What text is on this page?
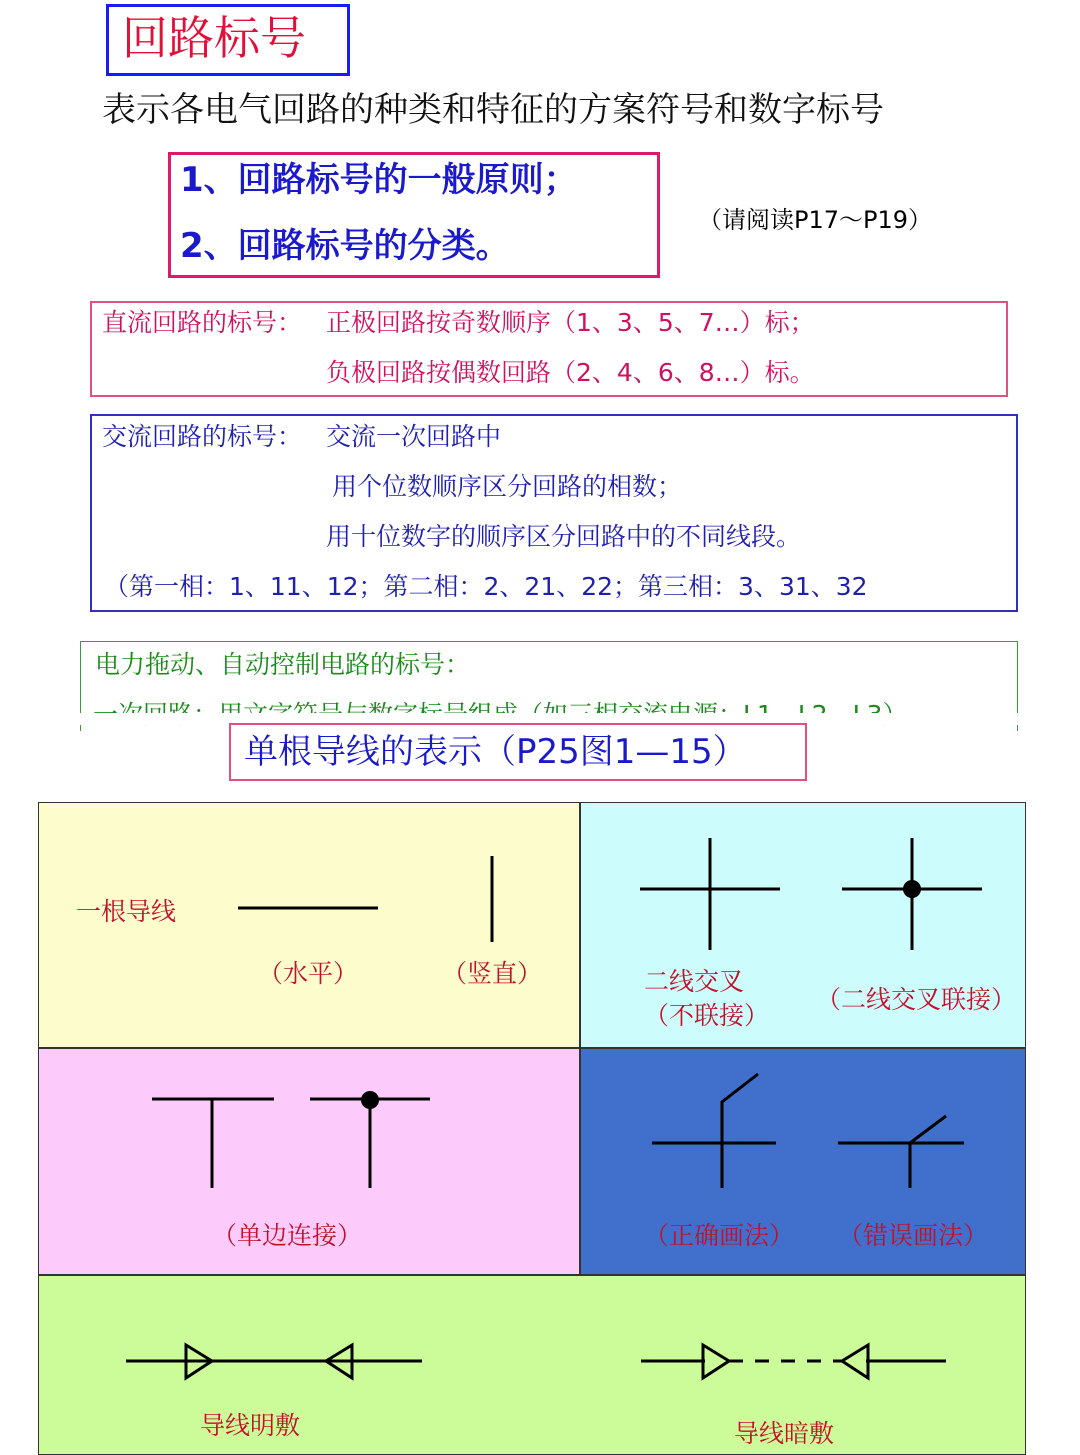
回路标号
表示各电气回路的种类和特征的方案符号和数字标号
1、回路标号的一般原则；
2、回路标号的分类。
（请阅读P17～P19）
直流回路的标号： 正极回路按奇数顺序（1、3、5、7…）标；
负极回路按偶数回路（2、4、6、8…）标。
交流回路的标号： 交流一次回路中
用个位数顺序区分回路的相数；
用十位数字的顺序区分回路中的不同线段。
（第一相：1、11、12；第二相：2、21、22；第三相：3、31、32
电力拖动、自动控制电路的标号：
单根导线的表示（P25图1—15）
一根导线
（水平）	（竖直）	二线交叉
（不联接）
（二线交叉联接）
（单边连接）	（正确画法） （错误画法）
导线明敷	导线暗敷
